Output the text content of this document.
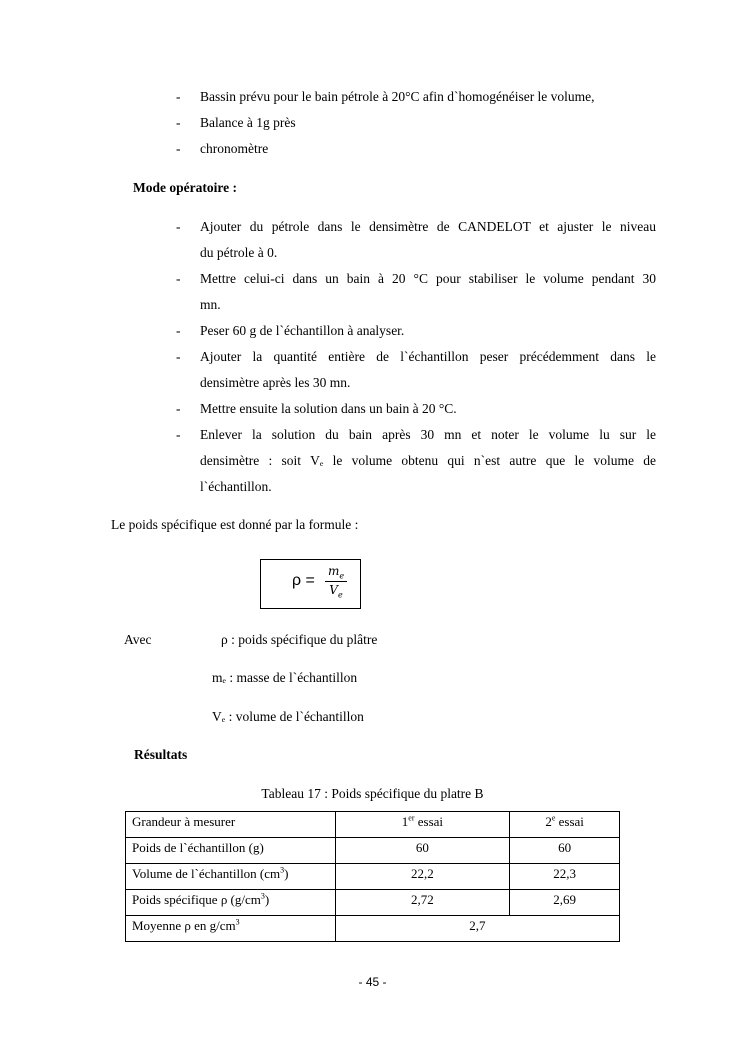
- Bassin prévu pour le bain pétrole à 20°C afin d`homogénéiser le volume,
- Balance à 1g près
- chronomètre
Mode opératoire :
- Ajouter du pétrole dans le densimètre de CANDELOT et ajuster le niveau
du pétrole à 0.
- Mettre celui-ci dans un bain à 20 °C pour stabiliser le volume pendant 30
mn.
- Peser 60 g de l`échantillon à analyser.
- Ajouter la quantité entière de l`échantillon peser précédemment dans le
densimètre après les 30 mn.
- Mettre ensuite la solution dans un bain à 20 °C.
- Enlever la solution du bain après 30 mn et noter le volume lu sur le
densimètre : soit Vₑ le volume obtenu qui n`est autre que le volume de
l`échantillon.
Le poids spécifique est donné par la formule :
$\rho = \frac{m_e}{V_e}$
Avec	ρ : poids spécifique du plâtre
mₑ : masse de l`échantillon
Vₑ : volume de l`échantillon
Résultats
Tableau 17 : Poids spécifique du platre B
Grandeur à mesurer	1er essai	2e essai
Poids de l`échantillon (g)	60	60
Volume de l`échantillon $(cm^3)$	22,2	22,3
Poids spécifique ρ $(g/cm^3)$	2,72	2,69
Moyenne ρ en $g/cm^3$	2,7	
- 45 -
